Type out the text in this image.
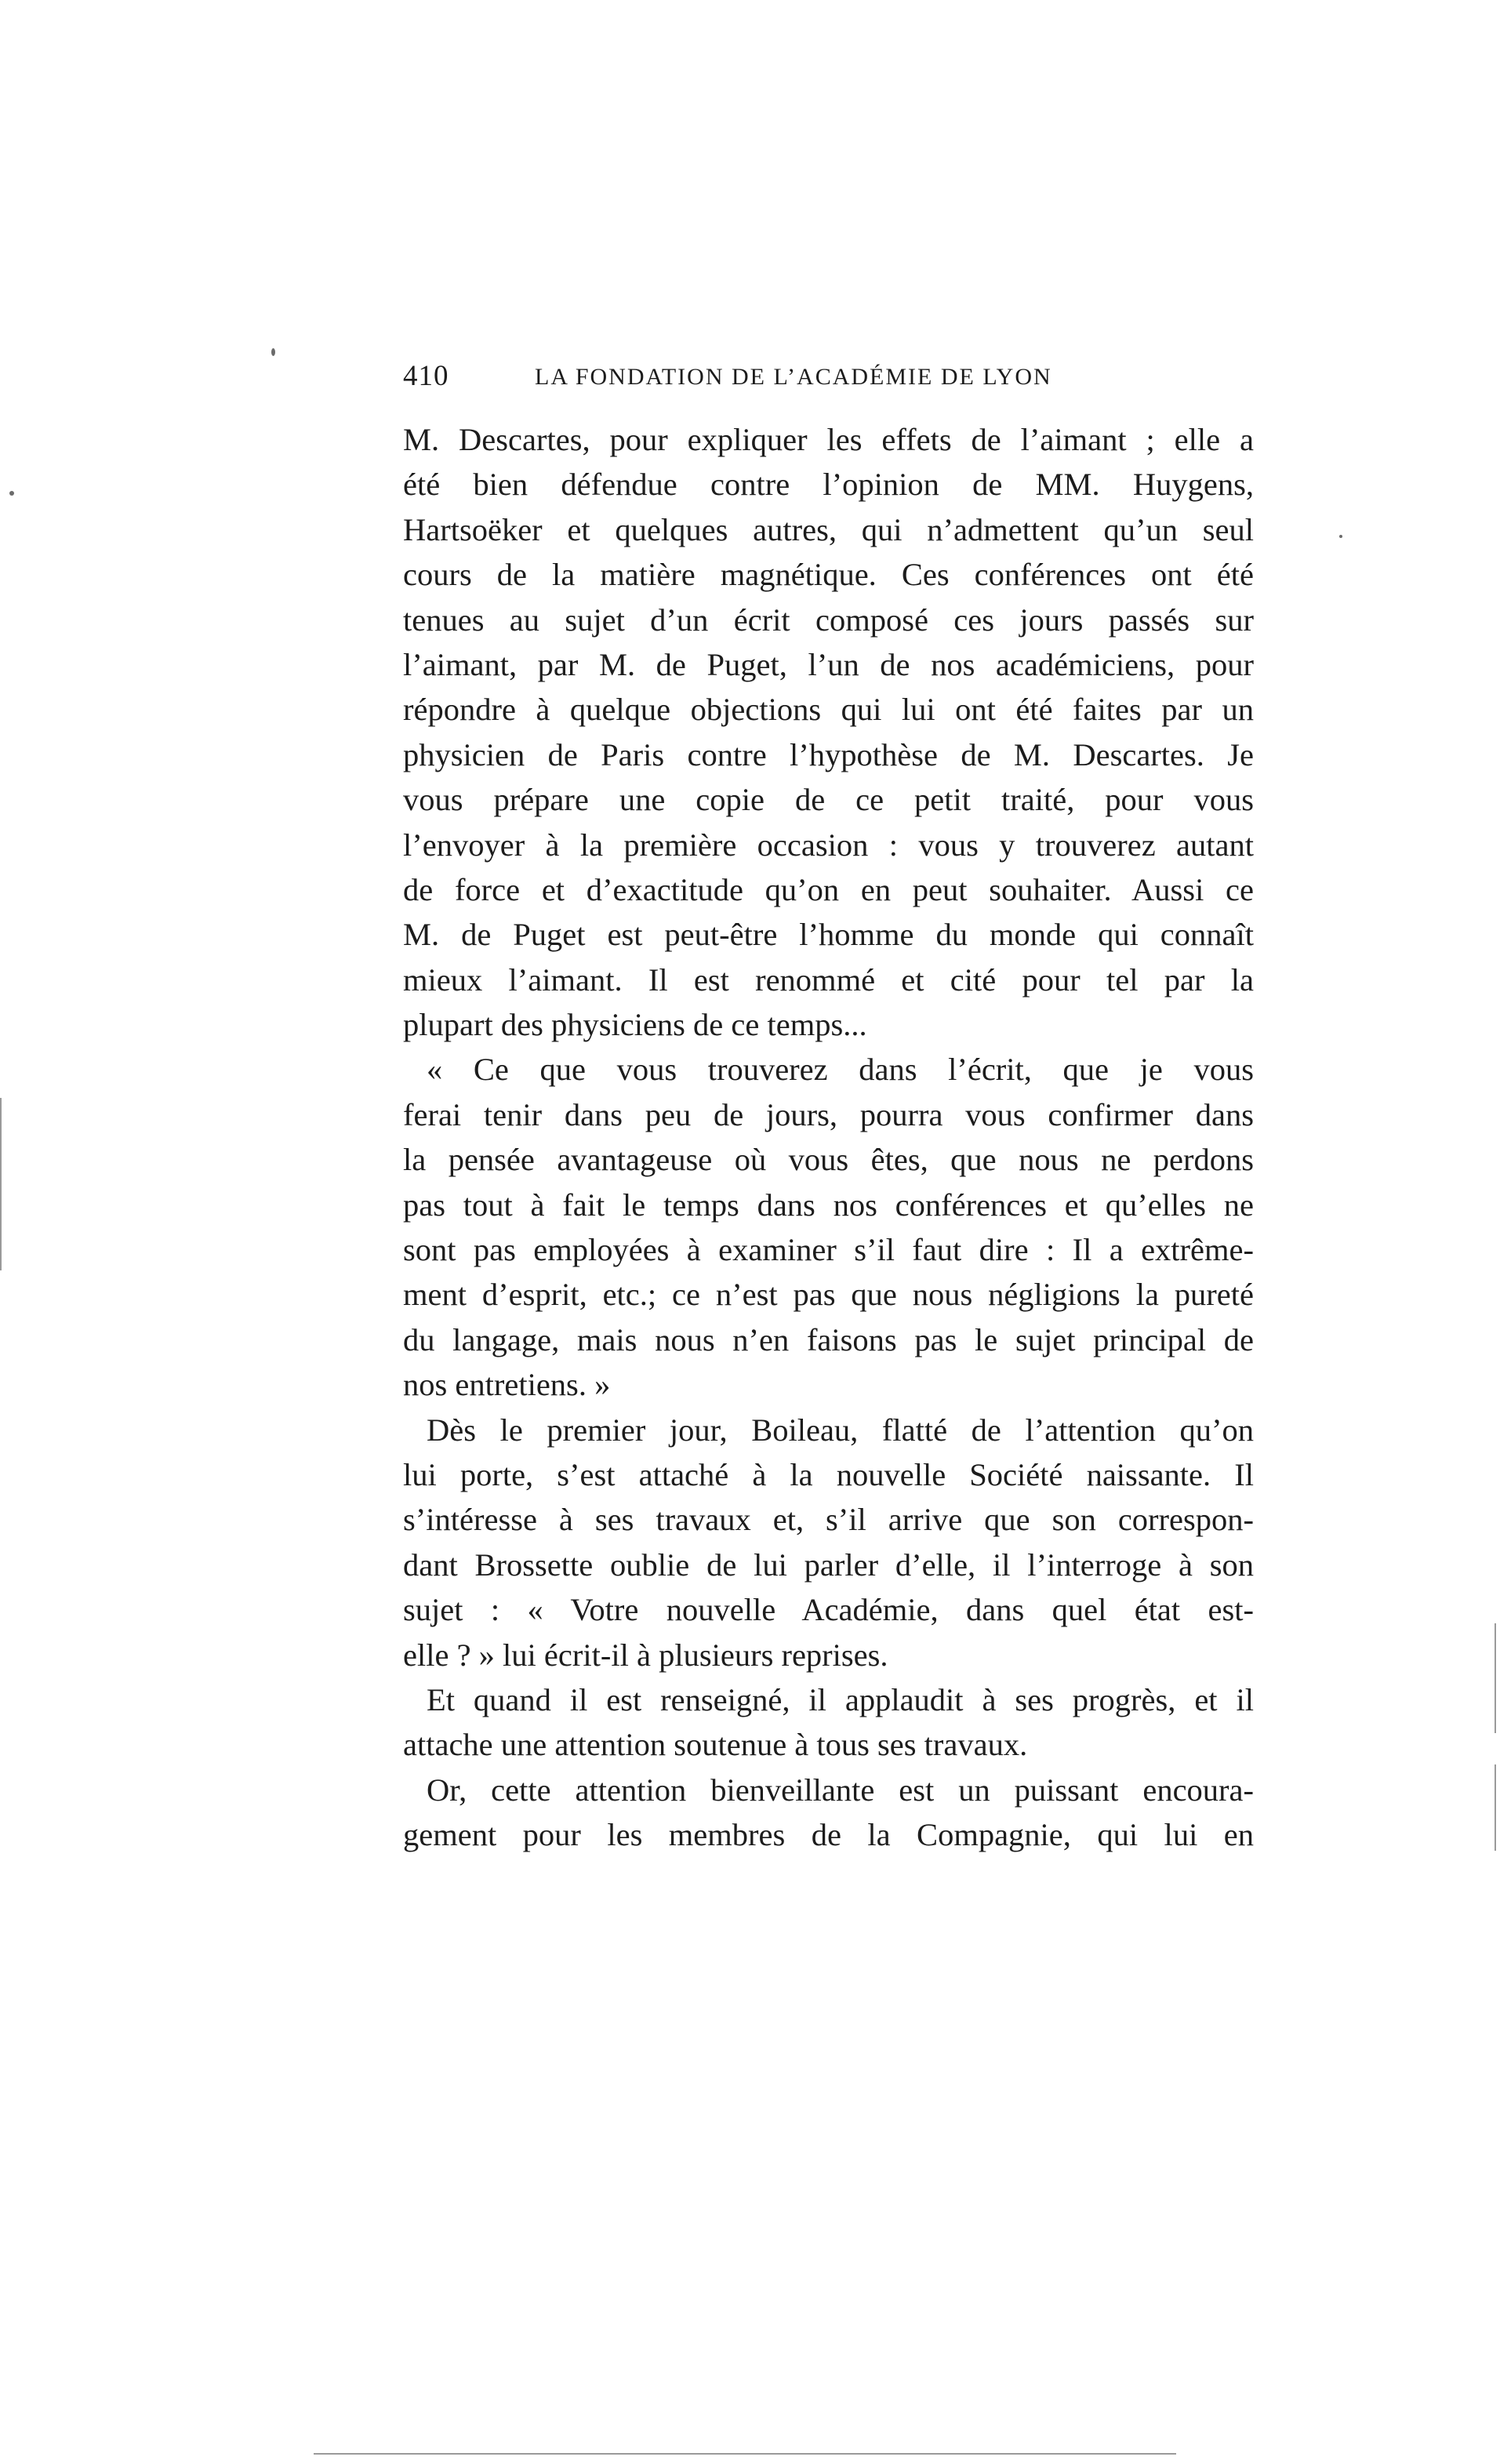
410	LA FONDATION DE L’ACADÉMIE DE LYON
M. Descartes, pour expliquer les effets de l’aimant ; elle a
été bien défendue contre l’opinion de MM. Huygens,
Hartsoëker et quelques autres, qui n’admettent qu’un seul
cours de la matière magnétique. Ces conférences ont été
tenues au sujet d’un écrit composé ces jours passés sur
l’aimant, par M. de Puget, l’un de nos académiciens, pour
répondre à quelque objections qui lui ont été faites par un
physicien de Paris contre l’hypothèse de M. Descartes. Je
vous prépare une copie de ce petit traité, pour vous
l’envoyer à la première occasion : vous y trouverez autant
de force et d’exactitude qu’on en peut souhaiter. Aussi ce
M. de Puget est peut-être l’homme du monde qui connaît
mieux l’aimant. Il est renommé et cité pour tel par la
plupart des physiciens de ce temps...
« Ce que vous trouverez dans l’écrit, que je vous
ferai tenir dans peu de jours, pourra vous confirmer dans
la pensée avantageuse où vous êtes, que nous ne perdons
pas tout à fait le temps dans nos conférences et qu’elles ne
sont pas employées à examiner s’il faut dire : Il a extrême-
ment d’esprit, etc.; ce n’est pas que nous négligions la pureté
du langage, mais nous n’en faisons pas le sujet principal de
nos entretiens. »
Dès le premier jour, Boileau, flatté de l’attention qu’on
lui porte, s’est attaché à la nouvelle Société naissante. Il
s’intéresse à ses travaux et, s’il arrive que son correspon-
dant Brossette oublie de lui parler d’elle, il l’interroge à son
sujet : « Votre nouvelle Académie, dans quel état est-
elle ? » lui écrit-il à plusieurs reprises.
Et quand il est renseigné, il applaudit à ses progrès, et il
attache une attention soutenue à tous ses travaux.
Or, cette attention bienveillante est un puissant encoura-
gement pour les membres de la Compagnie, qui lui en
